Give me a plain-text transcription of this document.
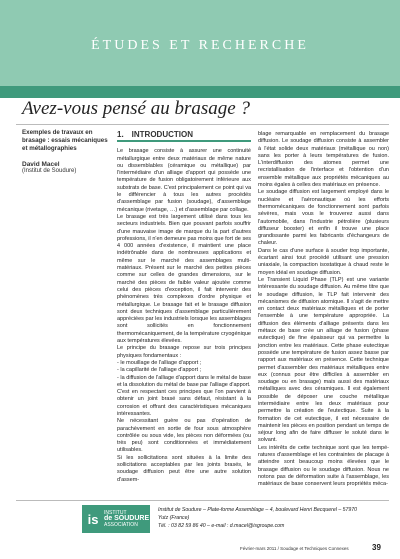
ÉTUDES ET RECHERCHE
Avez-vous pensé au brasage ?
Exemples de travaux en brasage : essais mécaniques et métallographies
David Macel
(Institut de Soudure)
1. INTRODUCTION

Le brasage consiste à assurer une continuité métallurgique entre deux matériaux de même nature ou dissemblables (céramique ou métallique) par l'intermédiaire d'un alliage d'apport qui possède une température de fusion obligatoirement inférieure aux substrats de base. C'est principalement ce point qui va le différencier à tous les autres procédés d'assemblage par fusion (soudage), d'assemblage mécanique (rivetage, …) et d'assemblage par collage.

Le brasage est très largement utilisé dans tous les secteurs industriels. Bien que pouvant parfois souffrir d'une mauvaise image de marque du la part d'autres professions, il n'en demeure pas moins que fort de ses 4 000 années d'existence, il maintient une place indétrônable dans de nombreuses applications et même sur le marché des assemblages multi-matériaux. Présent sur le marché des petites pièces comme sur celles de grandes dimensions, sur le marché des pièces de faible valeur ajoutée comme celui des pièces d'exception, il fait intervenir des phénomènes très complexes d'ordre physique et métallurgique. Le brasage fait et le brasage diffusion sont deux techniques d'assemblage particulièrement appréciées par les industriels lorsque les assemblages sont sollicités en fonctionnement thermomécaniquement, de la température cryogénique aux températures élevées.

Le principe du brasage repose sur trois principes physiques fondamentaux :

- le mouillage de l'alliage d'apport ;

- la capillarité de l'alliage d'apport ;

- la diffusion de l'alliage d'apport dans le métal de base et la dissolution du métal de base par l'alliage d'apport.

C'est en respectant ces principes que l'on parvient à obtenir un joint brasé sans défaut, résistant à la corrosion et offrant des caractéristiques mécaniques intéressantes.

Ne nécessitant guère ou pas d'opération de parachèvement en sortie de four sous atmosphère contrôlée ou sous vide, les pièces non déformées (ou très peu) sont conditionnées et immédiatement utilisables.

Si les sollicitations sont situées à la limite des sollicitations acceptables par les joints brasés, le soudage diffusion peut être une autre solution d'assem-

blage remarquable en remplacement du brasage diffusion. Le soudage diffusion consiste à assembler à l'état solide deux matériaux (métallique ou non) sans les porter à leurs températures de fusion. L'interdiffusion des atomes permet une recristallisation de l'interface et l'obtention d'un ensemble métallique aux propriétés mécaniques au moins égales à celles des matériaux en présence.

Le soudage diffusion est largement employé dans le nucléaire et l'aéronautique où les efforts thermomécaniques de fonctionnement sont parfois sévères, mais vous le trouverez aussi dans l'automobile, dans l'industrie pétrolière (plusieurs diffuseur booster) et enfin il trouve une place grandissante parmi les fabricants d'échangeurs de chaleur.

Dans le cas d'une surface à souder trop importante, écartant ainsi tout procédé utilisant une pression uniaxiale, la compaction isostatique à chaud reste le moyen idéal en soudage diffusion.

Le Transient Liquid Phase (TLP) est une variante intéressante du soudage diffusion. Au même titre que le soudage diffusion, le TLP fait intervenir des mécanismes de diffusion atomique. Il s'agit de mettre en contact deux matériaux métalliques et de porter l'ensemble à une température appropriée. La diffusion des éléments d'alliage présents dans les métaux de base crée un alliage de fusion (phase eutectique) de fine épaisseur qui va permettre la jonction entre les matériaux. Cette phase eutectique possède une température de fusion assez basse par rapport aux matériaux en présence. Cette technique permet d'assembler des matériaux métalliques entre eux (connus pour être difficiles à assembler en soudage ou en brasage) mais aussi des matériaux métalliques avec des céramiques. Il est également possible de déposer une couche métallique intermédiaire entre les deux matériaux pour permettre la création de l'eutectique. Suite à la formation de cet eutectique, il est nécessaire de maintenir les pièces en position pendant un temps de séjour long afin de faire diffuser le soluté dans le solvant.

Les intérêts de cette technique sont que les températures d'assemblage et les contraintes de placage à atteindre sont beaucoup moins élevées que le brasage diffusion ou le soudage diffusion. Nous ne notons pas de déformation suite à l'assemblage, les matériaux de base conservent leurs propriétés méca-

is	INSTITUT
de SOUDURE
ASSOCIATION
Institut de Soudure – Plate-forme Assemblage – 4, boulevard Henri Becquerel – 57970 Yutz (France)
Tél. : 03 82 59 86 40 – e-mail : d.macel@isgroupe.com
Février-mars 2011 / Soudage et Techniques Connexes	39
